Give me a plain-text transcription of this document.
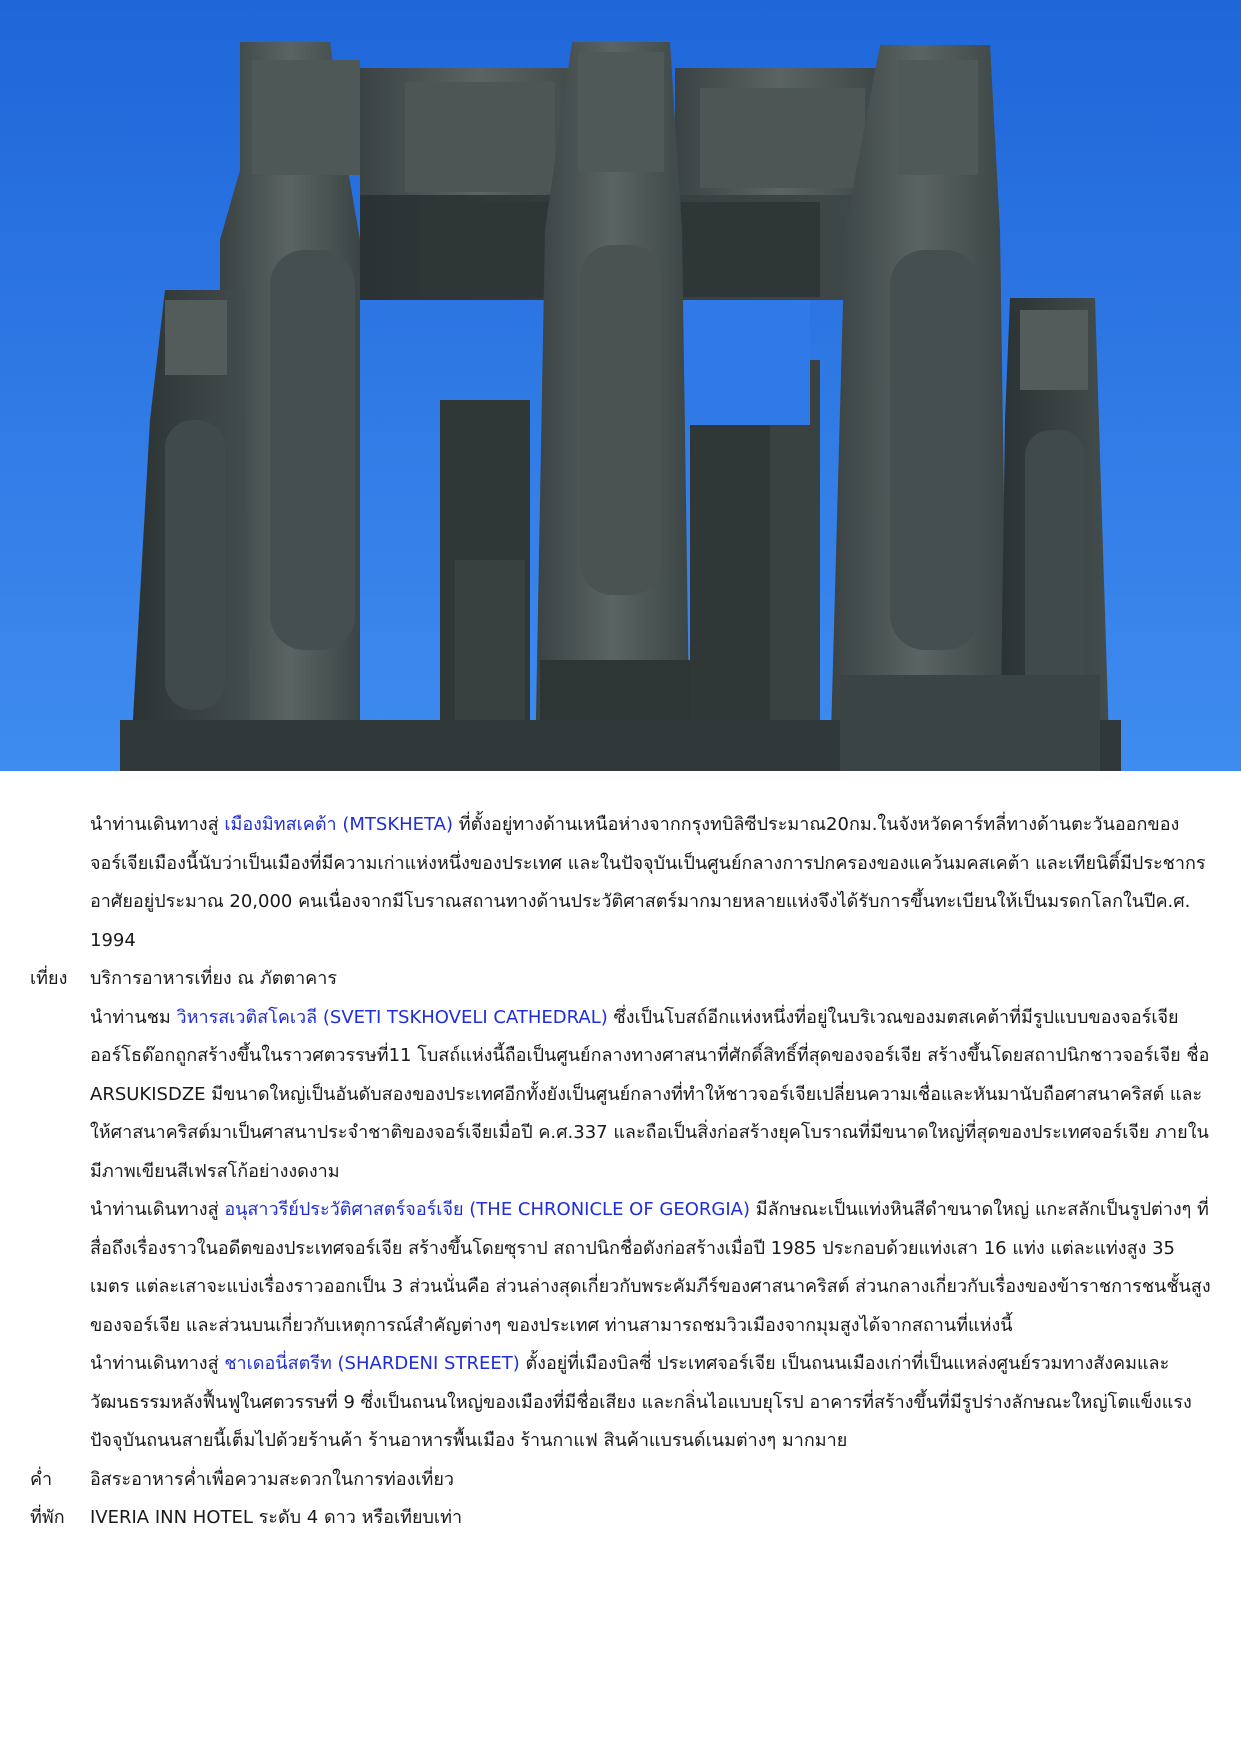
นำท่านเดินทางสู่ เมืองมิทสเคต้า (MTSKHETA) ที่ตั้งอยู่ทางด้านเหนือห่างจากกรุงทบิลิซีประมาณ20กม.ในจังหวัดคาร์ทลี่ทางด้านตะวันออกของจอร์เจียเมืองนี้นับว่าเป็นเมืองที่มีความเก่าแห่งหนึ่งของประเทศ และในปัจจุบันเป็นศูนย์กลางการปกครองของแคว้นมคสเคต้า และเทียนิติ์มีประชากรอาศัยอยู่ประมาณ 20,000 คนเนื่องจากมีโบราณสถานทางด้านประวัติศาสตร์มากมายหลายแห่งจึงได้รับการขึ้นทะเบียนให้เป็นมรดกโลกในปีค.ศ. 1994
เที่ยง	บริการอาหารเที่ยง ณ ภัตตาคาร
นำท่านชม วิหารสเวติสโคเวลี (SVETI TSKHOVELI CATHEDRAL) ซึ่งเป็นโบสถ์อีกแห่งหนึ่งที่อยู่ในบริเวณของมตสเคต้าที่มีรูปแบบของจอร์เจียออร์โธด๊อกถูกสร้างขึ้นในราวศตวรรษที่11 โบสถ์แห่งนี้ถือเป็นศูนย์กลางทางศาสนาที่ศักดิ์สิทธิ์ที่สุดของจอร์เจีย สร้างขึ้นโดยสถาปนิกชาวจอร์เจีย ชื่อ ARSUKISDZE มีขนาดใหญ่เป็นอันดับสองของประเทศอีกทั้งยังเป็นศูนย์กลางที่ทำให้ชาวจอร์เจียเปลี่ยนความเชื่อและหันมานับถือศาสนาคริสต์ และให้ศาสนาคริสต์มาเป็นศาสนาประจำชาติของจอร์เจียเมื่อปี ค.ศ.337 และถือเป็นสิ่งก่อสร้างยุคโบราณที่มีขนาดใหญ่ที่สุดของประเทศจอร์เจีย ภายในมีภาพเขียนสีเฟรสโก้อย่างงดงาม
นำท่านเดินทางสู่ อนุสาวรีย์ประวัติศาสตร์จอร์เจีย (THE CHRONICLE OF GEORGIA) มีลักษณะเป็นแท่งหินสีดำขนาดใหญ่ แกะสลักเป็นรูปต่างๆ ที่สื่อถึงเรื่องราวในอดีตของประเทศจอร์เจีย สร้างขึ้นโดยซุราป สถาปนิกชื่อดังก่อสร้างเมื่อปี 1985 ประกอบด้วยแท่งเสา 16 แท่ง แต่ละแท่งสูง 35 เมตร แต่ละเสาจะแบ่งเรื่องราวออกเป็น 3 ส่วนนั่นคือ ส่วนล่างสุดเกี่ยวกับพระคัมภีร์ของศาสนาคริสต์ ส่วนกลางเกี่ยวกับเรื่องของข้าราชการชนชั้นสูงของจอร์เจีย และส่วนบนเกี่ยวกับเหตุการณ์สำคัญต่างๆ ของประเทศ ท่านสามารถชมวิวเมืองจากมุมสูงได้จากสถานที่แห่งนี้
นำท่านเดินทางสู่ ชาเดอนี่สตรีท (SHARDENI STREET) ตั้งอยู่ที่เมืองบิลซี่ ประเทศจอร์เจีย เป็นถนนเมืองเก่าที่เป็นแหล่งศูนย์รวมทางสังคมและวัฒนธรรมหลังฟื้นฟูในศตวรรษที่ 9 ซึ่งเป็นถนนใหญ่ของเมืองที่มีชื่อเสียง และกลิ่นไอแบบยุโรป อาคารที่สร้างขึ้นที่มีรูปร่างลักษณะใหญ่โตแข็งแรง ปัจจุบันถนนสายนี้เต็มไปด้วยร้านค้า ร้านอาหารพื้นเมือง ร้านกาแฟ สินค้าแบรนด์เนมต่างๆ มากมาย
ค่ำ	อิสระอาหารค่ำเพื่อความสะดวกในการท่องเที่ยว
ที่พัก	IVERIA INN HOTEL ระดับ 4 ดาว หรือเทียบเท่า
